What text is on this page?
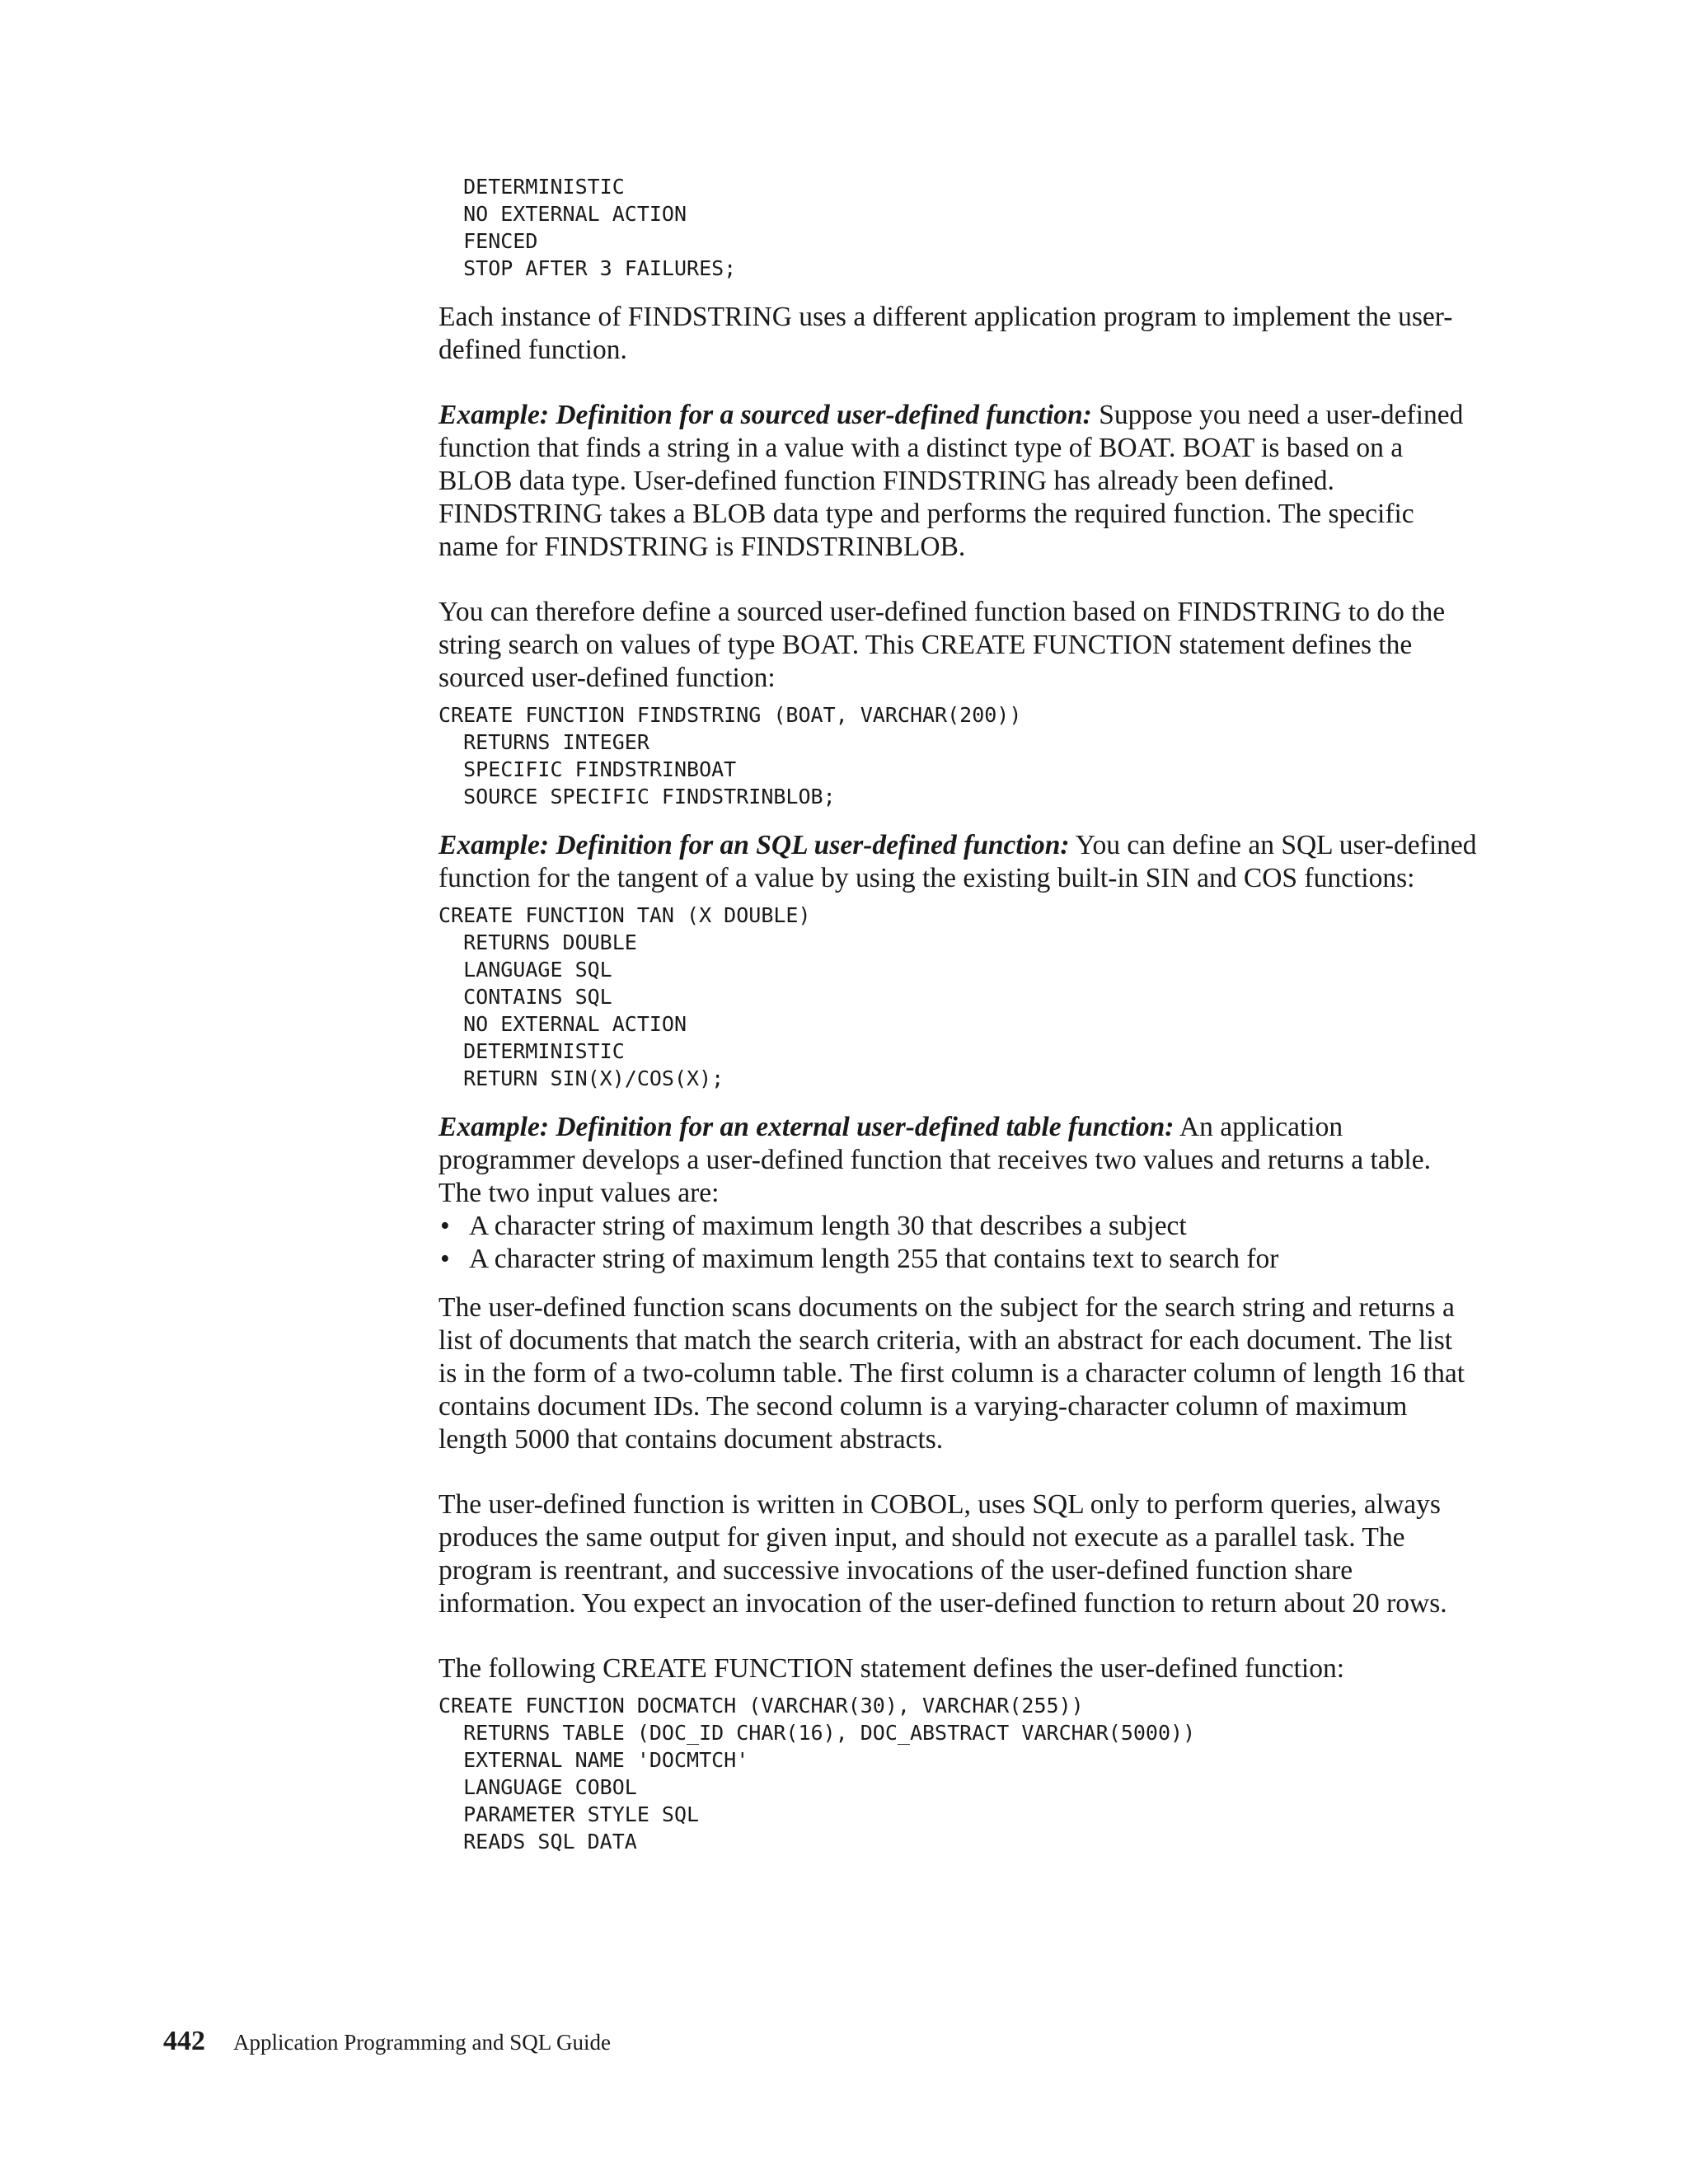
DETERMINISTIC
NO EXTERNAL ACTION
FENCED
STOP AFTER 3 FAILURES;

Each instance of FINDSTRING uses a different application program to implement the user-defined function.

Example: Definition for a sourced user-defined function: Suppose you need a user-defined function that finds a string in a value with a distinct type of BOAT. BOAT is based on a BLOB data type. User-defined function FINDSTRING has already been defined. FINDSTRING takes a BLOB data type and performs the required function. The specific name for FINDSTRING is FINDSTRINBLOB.

You can therefore define a sourced user-defined function based on FINDSTRING to do the string search on values of type BOAT. This CREATE FUNCTION statement defines the sourced user-defined function:

CREATE FUNCTION FINDSTRING (BOAT, VARCHAR(200))
RETURNS INTEGER
SPECIFIC FINDSTRINBOAT
SOURCE SPECIFIC FINDSTRINBLOB;

Example: Definition for an SQL user-defined function: You can define an SQL user-defined function for the tangent of a value by using the existing built-in SIN and COS functions:

CREATE FUNCTION TAN (X DOUBLE)
RETURNS DOUBLE
LANGUAGE SQL
CONTAINS SQL
NO EXTERNAL ACTION
DETERMINISTIC
RETURN SIN(X)/COS(X);

Example: Definition for an external user-defined table function: An application programmer develops a user-defined function that receives two values and returns a table. The two input values are:

• A character string of maximum length 30 that describes a subject
• A character string of maximum length 255 that contains text to search for

The user-defined function scans documents on the subject for the search string and returns a list of documents that match the search criteria, with an abstract for each document. The list is in the form of a two-column table. The first column is a character column of length 16 that contains document IDs. The second column is a varying-character column of maximum length 5000 that contains document abstracts.

The user-defined function is written in COBOL, uses SQL only to perform queries, always produces the same output for given input, and should not execute as a parallel task. The program is reentrant, and successive invocations of the user-defined function share information. You expect an invocation of the user-defined function to return about 20 rows.

The following CREATE FUNCTION statement defines the user-defined function:

CREATE FUNCTION DOCMATCH (VARCHAR(30), VARCHAR(255))
RETURNS TABLE (DOC_ID CHAR(16), DOC_ABSTRACT VARCHAR(5000))
EXTERNAL NAME 'DOCMTCH'
LANGUAGE COBOL
PARAMETER STYLE SQL
READS SQL DATA
442 Application Programming and SQL Guide
